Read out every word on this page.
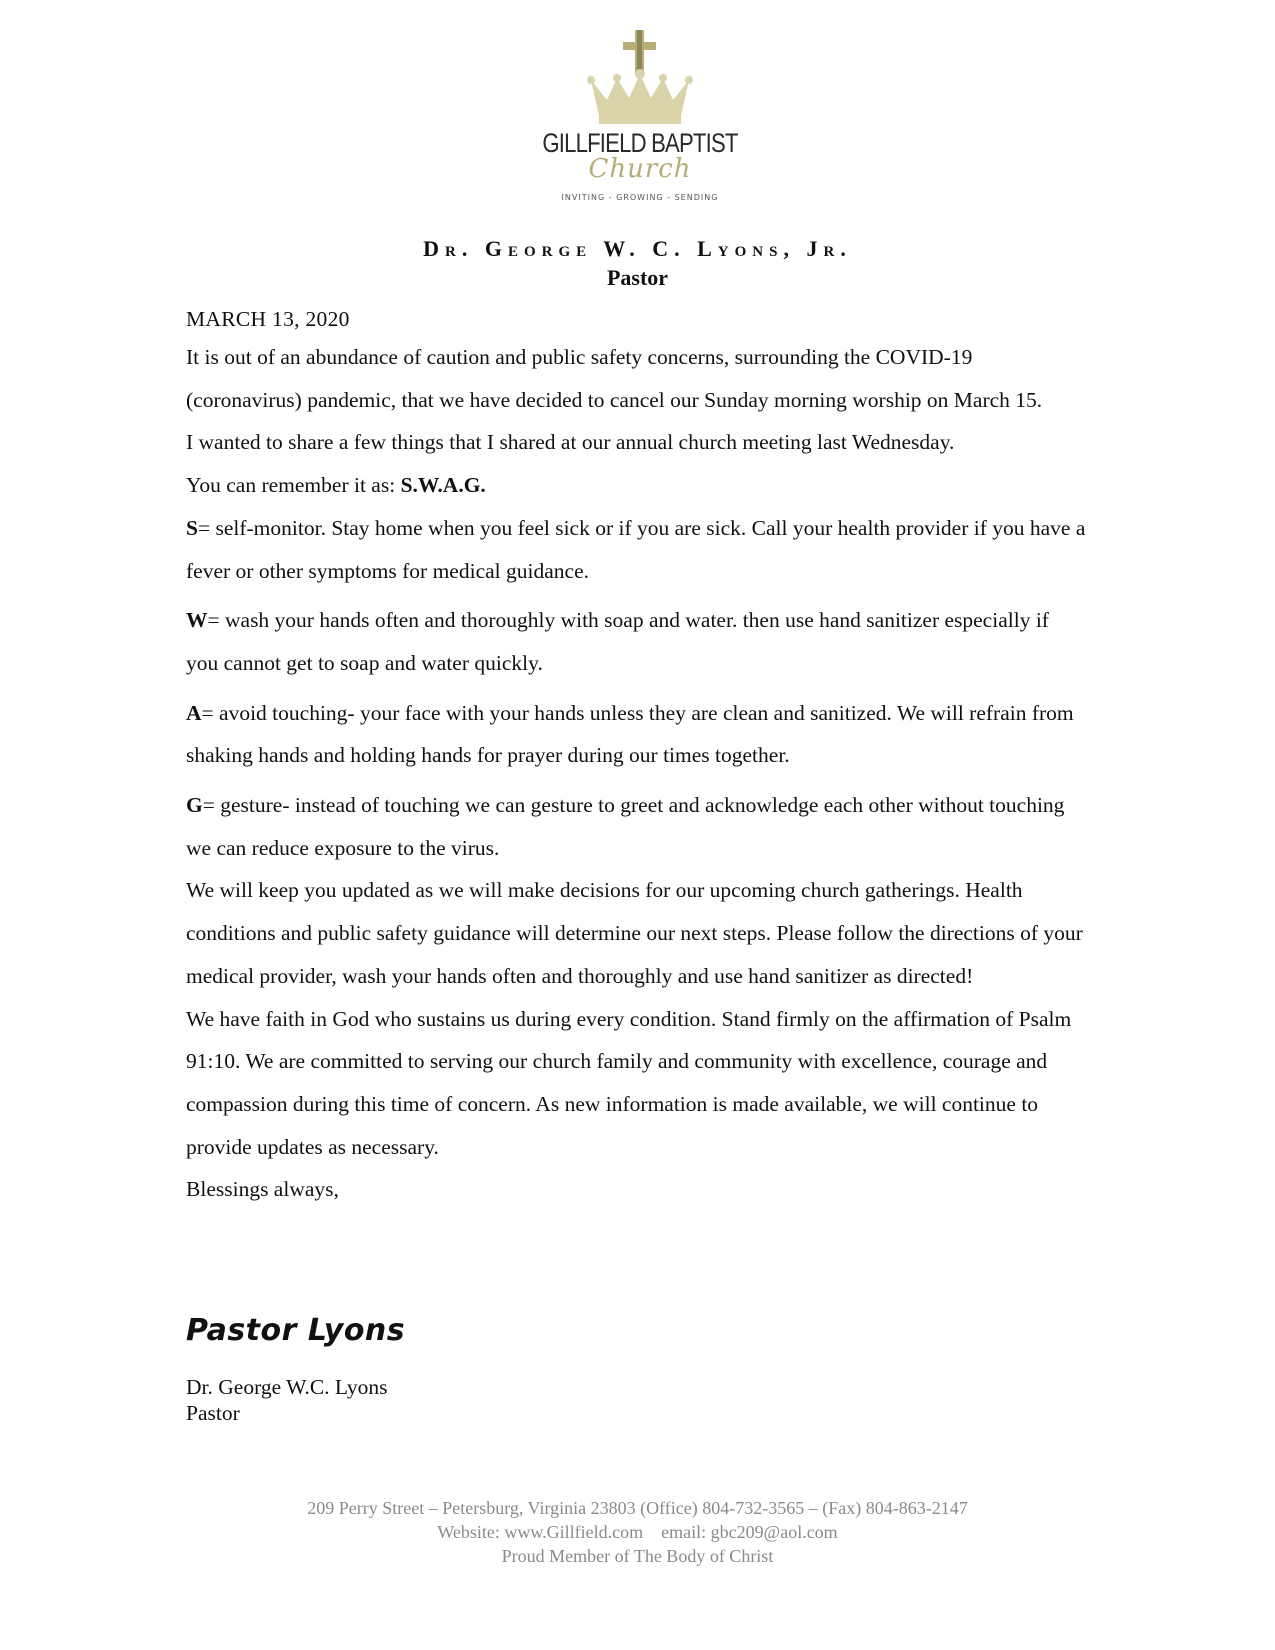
GILLFIELD BAPTIST
Church
INVITING - GROWING - SENDING
Dr. George W. C. Lyons, Jr.
Pastor
MARCH 13, 2020

It is out of an abundance of caution and public safety concerns, surrounding the COVID-19 (coronavirus) pandemic, that we have decided to cancel our Sunday morning worship on March 15.

I wanted to share a few things that I shared at our annual church meeting last Wednesday.

You can remember it as: S.W.A.G.

S= self-monitor. Stay home when you feel sick or if you are sick. Call your health provider if you have a fever or other symptoms for medical guidance.

W= wash your hands often and thoroughly with soap and water. then use hand sanitizer especially if you cannot get to soap and water quickly.

A= avoid touching- your face with your hands unless they are clean and sanitized. We will refrain from shaking hands and holding hands for prayer during our times together.

G= gesture- instead of touching we can gesture to greet and acknowledge each other without touching we can reduce exposure to the virus.

We will keep you updated as we will make decisions for our upcoming church gatherings. Health conditions and public safety guidance will determine our next steps. Please follow the directions of your medical provider, wash your hands often and thoroughly and use hand sanitizer as directed!

We have faith in God who sustains us during every condition. Stand firmly on the affirmation of Psalm 91:10. We are committed to serving our church family and community with excellence, courage and compassion during this time of concern. As new information is made available, we will continue to provide updates as necessary.

Blessings always,

Pastor Lyons
Dr. George W.C. Lyons
Pastor
209 Perry Street – Petersburg, Virginia 23803 (Office) 804-732-3565 – (Fax) 804-863-2147
Website: www.Gillfield.com email: gbc209@aol.com
Proud Member of The Body of Christ
